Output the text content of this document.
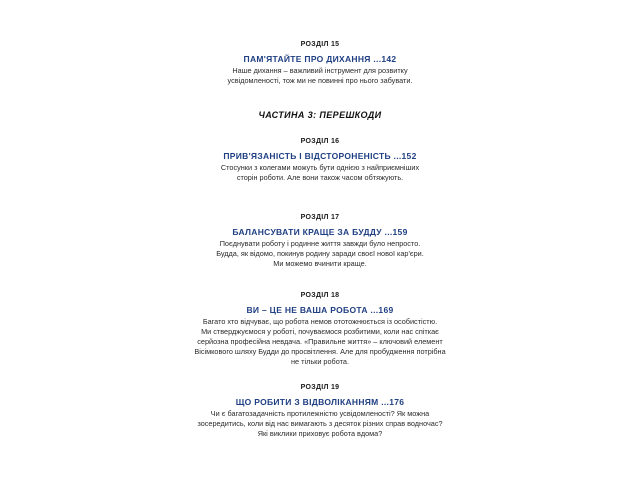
РОЗДІЛ 15
ПАМ'ЯТАЙТЕ ПРО ДИХАННЯ ...142
Наше дихання – важливий інструмент для розвитку
усвідомленості, тож ми не повинні про нього забувати.
ЧАСТИНА 3: ПЕРЕШКОДИ
РОЗДІЛ 16
ПРИВ'ЯЗАНІСТЬ І ВІДСТОРОНЕНІСТЬ ...152
Стосунки з колегами можуть бути однією з найприємніших
сторін роботи. Але вони також часом обтяжують.
РОЗДІЛ 17
БАЛАНСУВАТИ КРАЩЕ ЗА БУДДУ ...159
Поєднувати роботу і родинне життя завжди було непросто.
Будда, як відомо, покинув родину заради своєї нової кар'єри.
Ми можемо вчинити краще.
РОЗДІЛ 18
ВИ – ЦЕ НЕ ВАША РОБОТА ...169
Багато хто відчуває, що робота немов ототожнюється із особистістю.
Ми стверджуємося у роботі, почуваємося розбитими, коли нас спіткає
серйозна професійна невдача. «Правильне життя» – ключовий елемент
Вісімкового шляху Будди до просвітлення. Але для пробудження потрібна
не тільки робота.
РОЗДІЛ 19
ЩО РОБИТИ З ВІДВОЛІКАННЯМ ...176
Чи є багатозадачність протилежністю усвідомленості? Як можна
зосередитись, коли від нас вимагають з десяток різних справ водночас?
Які виклики приховує робота вдома?
